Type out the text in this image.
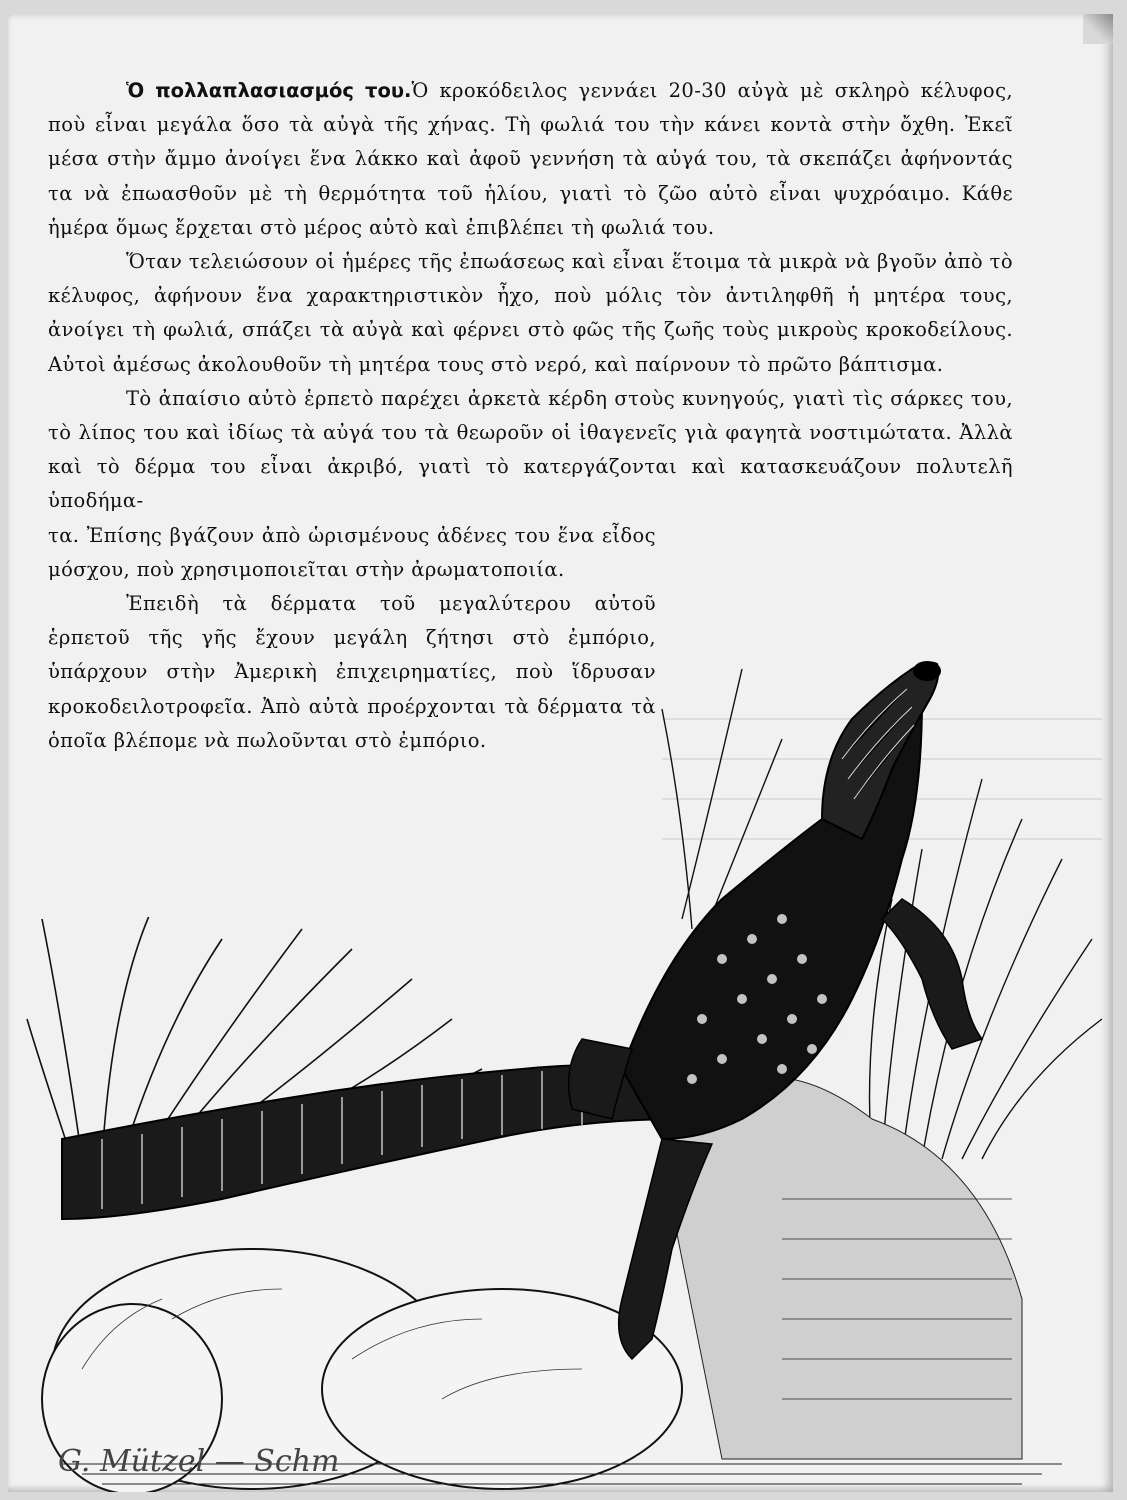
Ὁ πολλαπλασιασμός του.Ὁ κροκόδειλος γεννάει 20-30 αὐγὰ μὲ σκληρὸ κέλυφος, ποὺ εἶναι μεγάλα ὅσο τὰ αὐγὰ τῆς χήνας. Τὴ φωλιά του τὴν κάνει κοντὰ στὴν ὄχθη. Ἐκεῖ μέσα στὴν ἄμμο ἀνοίγει ἕνα λάκκο καὶ ἀφοῦ γεννήση τὰ αὐγά του, τὰ σκεπάζει ἀφήνοντάς τα νὰ ἐπωασθοῦν μὲ τὴ θερμότητα τοῦ ἡλίου, γιατὶ τὸ ζῶο αὐτὸ εἶναι ψυχρόαιμο. Κάθε ἡμέρα ὅμως ἔρχεται στὸ μέρος αὐτὸ καὶ ἐπιβλέπει τὴ φωλιά του.

Ὅταν τελειώσουν οἱ ἡμέρες τῆς ἐπωάσεως καὶ εἶναι ἕτοιμα τὰ μικρὰ νὰ βγοῦν ἀπὸ τὸ κέλυφος, ἀφήνουν ἕνα χαρακτηριστικὸν ἦχο, ποὺ μόλις τὸν ἀντιληφθῆ ἡ μητέρα τους, ἀνοίγει τὴ φωλιά, σπάζει τὰ αὐγὰ καὶ φέρνει στὸ φῶς τῆς ζωῆς τοὺς μικροὺς κροκοδείλους. Αὐτοὶ ἀμέσως ἀκολουθοῦν τὴ μητέρα τους στὸ νερό, καὶ παίρνουν τὸ πρῶτο βάπτισμα.

Τὸ ἀπαίσιο αὐτὸ ἑρπετὸ παρέχει ἀρκετὰ κέρδη στοὺς κυνηγούς, γιατὶ τὶς σάρκες του, τὸ λίπος του καὶ ἰδίως τὰ αὐγά του τὰ θεωροῦν οἱ ἰθαγενεῖς γιὰ φαγητὰ νοστιμώτατα. Ἀλλὰ καὶ τὸ δέρμα του εἶναι ἀκριβό, γιατὶ τὸ κατεργάζονται καὶ κατασκευάζουν πολυτελῆ ὑποδήμα-

τα. Ἐπίσης βγάζουν ἀπὸ ὡρισμένους ἀδένες του ἕνα εἶδος μόσχου, ποὺ χρησιμοποιεῖται στὴν ἀρωματοποιία.

Ἐπειδὴ τὰ δέρματα τοῦ μεγαλύτερου αὐτοῦ ἑρπετοῦ τῆς γῆς ἔχουν μεγάλη ζήτησι στὸ ἐμπόριο, ὑπάρχουν στὴν Ἀμερικὴ ἐπιχειρηματίες, ποὺ ἵδρυσαν κροκοδειλοτροφεῖα. Ἀπὸ αὐτὰ προέρχονται τὰ δέρματα τὰ ὁποῖα βλέπομε νὰ πωλοῦνται στὸ ἐμπόριο.

G. Mützel — Schm
